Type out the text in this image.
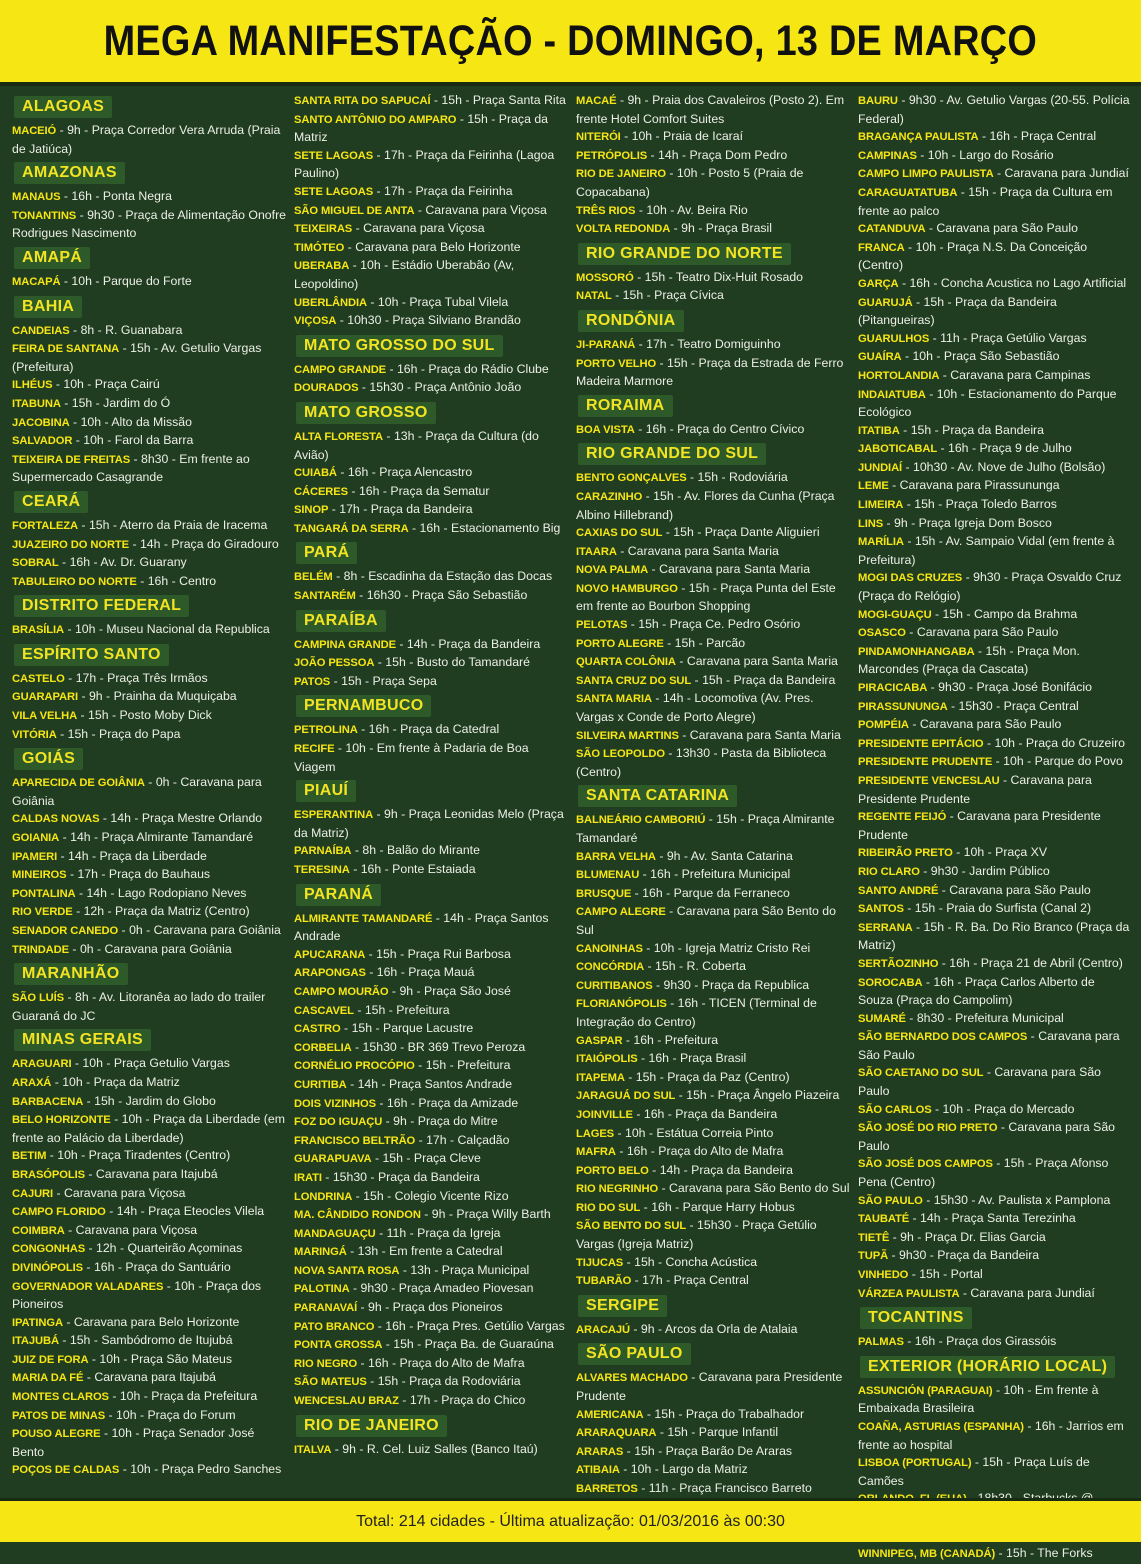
MEGA MANIFESTAÇÃO - DOMINGO, 13 DE MARÇO
ALAGOAS
MACEIÓ - 9h - Praça Corredor Vera Arruda (Praia de Jatiúca)
AMAZONAS
MANAUS - 16h - Ponta Negra
TONANTINS - 9h30 - Praça de Alimentação Onofre Rodrigues Nascimento
AMAPÁ
MACAPÁ - 10h - Parque do Forte
BAHIA
CANDEIAS - 8h - R. Guanabara
FEIRA DE SANTANA - 15h - Av. Getulio Vargas (Prefeitura)
ILHÉUS - 10h - Praça Cairú
ITABUNA - 15h - Jardim do Ó
JACOBINA - 10h - Alto da Missão
SALVADOR - 10h - Farol da Barra
TEIXEIRA DE FREITAS - 8h30 - Em frente ao Supermercado Casagrande
CEARÁ
FORTALEZA - 15h - Aterro da Praia de Iracema
JUAZEIRO DO NORTE - 14h - Praça do Giradouro
SOBRAL - 16h - Av. Dr. Guarany
TABULEIRO DO NORTE - 16h - Centro
DISTRITO FEDERAL
BRASÍLIA - 10h - Museu Nacional da Republica
ESPÍRITO SANTO
CASTELO - 17h - Praça Três Irmãos
GUARAPARI - 9h - Prainha da Muquiçaba
VILA VELHA - 15h - Posto Moby Dick
VITÓRIA - 15h - Praça do Papa
GOIÁS
APARECIDA DE GOIÂNIA - 0h - Caravana para Goiânia
CALDAS NOVAS - 14h - Praça Mestre Orlando
GOIANIA - 14h - Praça Almirante Tamandaré
IPAMERI - 14h - Praça da Liberdade
MINEIROS - 17h - Praça do Bauhaus
PONTALINA - 14h - Lago Rodopiano Neves
RIO VERDE - 12h - Praça da Matriz (Centro)
SENADOR CANEDO - 0h - Caravana para Goiânia
TRINDADE - 0h - Caravana para Goiânia
MARANHÃO
SÃO LUÍS - 8h - Av. Litoranêa ao lado do trailer Guaraná do JC
MINAS GERAIS
ARAGUARI - 10h - Praça Getulio Vargas
ARAXÁ - 10h - Praça da Matriz
BARBACENA - 15h - Jardim do Globo
BELO HORIZONTE - 10h - Praça da Liberdade (em frente ao Palácio da Liberdade)
BETIM - 10h - Praça Tiradentes (Centro)
BRASÓPOLIS - Caravana para Itajubá
CAJURI - Caravana para Viçosa
CAMPO FLORIDO - 14h - Praça Eteocles Vilela
COIMBRA - Caravana para Viçosa
CONGONHAS - 12h - Quarteirão Açominas
DIVINÓPOLIS - 16h - Praça do Santuário
GOVERNADOR VALADARES - 10h - Praça dos Pioneiros
IPATINGA - Caravana para Belo Horizonte
ITAJUBÁ - 15h - Sambódromo de Itujubá
JUIZ DE FORA - 10h - Praça São Mateus
MARIA DA FÉ - Caravana para Itajubá
MONTES CLAROS - 10h - Praça da Prefeitura
PATOS DE MINAS - 10h - Praça do Forum
POUSO ALEGRE - 10h - Praça Senador José Bento
POÇOS DE CALDAS - 10h - Praça Pedro Sanches
SANTA RITA DO SAPUCAÍ - 15h - Praça Santa Rita
SANTO ANTÔNIO DO AMPARO - 15h - Praça da Matriz
SETE LAGOAS - 17h - Praça da Feirinha (Lagoa Paulino)
SETE LAGOAS - 17h - Praça da Feirinha
SÃO MIGUEL DE ANTA - Caravana para Viçosa
TEIXEIRAS - Caravana para Viçosa
TIMÓTEO - Caravana para Belo Horizonte
UBERABA - 10h - Estádio Uberabão (Av, Leopoldino)
UBERLÂNDIA - 10h - Praça Tubal Vilela
VIÇOSA - 10h30 - Praça Silviano Brandão
MATO GROSSO DO SUL
CAMPO GRANDE - 16h - Praça do Rádio Clube
DOURADOS - 15h30 - Praça Antônio João
MATO GROSSO
ALTA FLORESTA - 13h - Praça da Cultura (do Avião)
CUIABÁ - 16h - Praça Alencastro
CÁCERES - 16h - Praça da Sematur
SINOP - 17h - Praça da Bandeira
TANGARÁ DA SERRA - 16h - Estacionamento Big
PARÁ
BELÉM - 8h - Escadinha da Estação das Docas
SANTARÉM - 16h30 - Praça São Sebastião
PARAÍBA
CAMPINA GRANDE - 14h - Praça da Bandeira
JOÃO PESSOA - 15h - Busto do Tamandaré
PATOS - 15h - Praça Sepa
PERNAMBUCO
PETROLINA - 16h - Praça da Catedral
RECIFE - 10h - Em frente à Padaria de Boa Viagem
PIAUÍ
ESPERANTINA - 9h - Praça Leonidas Melo (Praça da Matriz)
PARNAÍBA - 8h - Balão do Mirante
TERESINA - 16h - Ponte Estaiada
PARANÁ
ALMIRANTE TAMANDARÉ - 14h - Praça Santos Andrade
APUCARANA - 15h - Praça Rui Barbosa
ARAPONGAS - 16h - Praça Mauá
CAMPO MOURÃO - 9h - Praça São José
CASCAVEL - 15h - Prefeitura
CASTRO - 15h - Parque Lacustre
CORBELIA - 15h30 - BR 369 Trevo Peroza
CORNÉLIO PROCÓPIO - 15h - Prefeitura
CURITIBA - 14h - Praça Santos Andrade
DOIS VIZINHOS - 16h - Praça da Amizade
FOZ DO IGUAÇU - 9h - Praça do Mitre
FRANCISCO BELTRÃO - 17h - Calçadão
GUARAPUAVA - 15h - Praça Cleve
IRATI - 15h30 - Praça da Bandeira
LONDRINA - 15h - Colegio Vicente Rizo
MA. CÂNDIDO RONDON - 9h - Praça Willy Barth
MANDAGUAÇU - 11h - Praça da Igreja
MARINGÁ - 13h - Em frente a Catedral
NOVA SANTA ROSA - 13h - Praça Municipal
PALOTINA - 9h30 - Praça Amadeo Piovesan
PARANAVAÍ - 9h - Praça dos Pioneiros
PATO BRANCO - 16h - Praça Pres. Getúlio Vargas
PONTA GROSSA - 15h - Praça Ba. de Guaraúna
RIO NEGRO - 16h - Praça do Alto de Mafra
SÃO MATEUS - 15h - Praça da Rodoviária
WENCESLAU BRAZ - 17h - Praça do Chico
RIO DE JANEIRO
ITALVA - 9h - R. Cel. Luiz Salles (Banco Itaú)
MACAÉ - 9h - Praia dos Cavaleiros (Posto 2). Em frente Hotel Comfort Suites
NITERÓI - 10h - Praia de Icaraí
PETRÓPOLIS - 14h - Praça Dom Pedro
RIO DE JANEIRO - 10h - Posto 5 (Praia de Copacabana)
TRÊS RIOS - 10h - Av. Beira Rio
VOLTA REDONDA - 9h - Praça Brasil
RIO GRANDE DO NORTE
MOSSORÓ - 15h - Teatro Dix-Huit Rosado
NATAL - 15h - Praça Cívica
RONDÔNIA
JI-PARANÁ - 17h - Teatro Domiguinho
PORTO VELHO - 15h - Praça da Estrada de Ferro Madeira Marmore
RORAIMA
BOA VISTA - 16h - Praça do Centro Cívico
RIO GRANDE DO SUL
BENTO GONÇALVES - 15h - Rodoviária
CARAZINHO - 15h - Av. Flores da Cunha (Praça Albino Hillebrand)
CAXIAS DO SUL - 15h - Praça Dante Aliguieri
ITAARA - Caravana para Santa Maria
NOVA PALMA - Caravana para Santa Maria
NOVO HAMBURGO - 15h - Praça Punta del Este em frente ao Bourbon Shopping
PELOTAS - 15h - Praça Ce. Pedro Osório
PORTO ALEGRE - 15h - Parcão
QUARTA COLÔNIA - Caravana para Santa Maria
SANTA CRUZ DO SUL - 15h - Praça da Bandeira
SANTA MARIA - 14h - Locomotiva (Av. Pres. Vargas x Conde de Porto Alegre)
SILVEIRA MARTINS - Caravana para Santa Maria
SÃO LEOPOLDO - 13h30 - Pasta da Biblioteca (Centro)
SANTA CATARINA
BALNEÁRIO CAMBORIÚ - 15h - Praça Almirante Tamandaré
BARRA VELHA - 9h - Av. Santa Catarina
BLUMENAU - 16h - Prefeitura Municipal
BRUSQUE - 16h - Parque da Ferraneco
CAMPO ALEGRE - Caravana para São Bento do Sul
CANOINHAS - 10h - Igreja Matriz Cristo Rei
CONCÓRDIA - 15h - R. Coberta
CURITIBANOS - 9h30 - Praça da Republica
FLORIANÓPOLIS - 16h - TICEN (Terminal de Integração do Centro)
GASPAR - 16h - Prefeitura
ITAIÓPOLIS - 16h - Praça Brasil
ITAPEMA - 15h - Praça da Paz (Centro)
JARAGUÁ DO SUL - 15h - Praça Ângelo Piazeira
JOINVILLE - 16h - Praça da Bandeira
LAGES - 10h - Estátua Correia Pinto
MAFRA - 16h - Praça do Alto de Mafra
PORTO BELO - 14h - Praça da Bandeira
RIO NEGRINHO - Caravana para São Bento do Sul
RIO DO SUL - 16h - Parque Harry Hobus
SÃO BENTO DO SUL - 15h30 - Praça Getúlio Vargas (Igreja Matriz)
TIJUCAS - 15h - Concha Acústica
TUBARÃO - 17h - Praça Central
SERGIPE
ARACAJÚ - 9h - Arcos da Orla de Atalaia
SÃO PAULO
ALVARES MACHADO - Caravana para Presidente Prudente
AMERICANA - 15h - Praça do Trabalhador
ARARAQUARA - 15h - Parque Infantil
ARARAS - 15h - Praça Barão De Araras
ATIBAIA - 10h - Largo da Matriz
BARRETOS - 11h - Praça Francisco Barreto
BAURU - 9h30 - Av. Getulio Vargas (20-55. Polícia Federal)
BRAGANÇA PAULISTA - 16h - Praça Central
CAMPINAS - 10h - Largo do Rosário
CAMPO LIMPO PAULISTA - Caravana para Jundiaí
CARAGUATATUBA - 15h - Praça da Cultura em frente ao palco
CATANDUVA - Caravana para São Paulo
FRANCA - 10h - Praça N.S. Da Conceição (Centro)
GARÇA - 16h - Concha Acustica no Lago Artificial
GUARUJÁ - 15h - Praça da Bandeira (Pitangueiras)
GUARULHOS - 11h - Praça Getúlio Vargas
GUAÍRA - 10h - Praça São Sebastião
HORTOLANDIA - Caravana para Campinas
INDAIATUBA - 10h - Estacionamento do Parque Ecológico
ITATIBA - 15h - Praça da Bandeira
JABOTICABAL - 16h - Praça 9 de Julho
JUNDIAÍ - 10h30 - Av. Nove de Julho (Bolsão)
LEME - Caravana para Pirassununga
LIMEIRA - 15h - Praça Toledo Barros
LINS - 9h - Praça Igreja Dom Bosco
MARÍLIA - 15h - Av. Sampaio Vidal (em frente à Prefeitura)
MOGI DAS CRUZES - 9h30 - Praça Osvaldo Cruz (Praça do Relógio)
MOGI-GUAÇU - 15h - Campo da Brahma
OSASCO - Caravana para São Paulo
PINDAMONHANGABA - 15h - Praça Mon. Marcondes (Praça da Cascata)
PIRACICABA - 9h30 - Praça José Bonifácio
PIRASSUNUNGA - 15h30 - Praça Central
POMPÉIA - Caravana para São Paulo
PRESIDENTE EPITÁCIO - 10h - Praça do Cruzeiro
PRESIDENTE PRUDENTE - 10h - Parque do Povo
PRESIDENTE VENCESLAU - Caravana para Presidente Prudente
REGENTE FEIJÓ - Caravana para Presidente Prudente
RIBEIRÃO PRETO - 10h - Praça XV
RIO CLARO - 9h30 - Jardim Público
SANTO ANDRÉ - Caravana para São Paulo
SANTOS - 15h - Praia do Surfista (Canal 2)
SERRANA - 15h - R. Ba. Do Rio Branco (Praça da Matriz)
SERTÃOZINHO - 16h - Praça 21 de Abril (Centro)
SOROCABA - 16h - Praça Carlos Alberto de Souza (Praça do Campolim)
SUMARÉ - 8h30 - Prefeitura Municipal
SÃO BERNARDO DOS CAMPOS - Caravana para São Paulo
SÃO CAETANO DO SUL - Caravana para São Paulo
SÃO CARLOS - 10h - Praça do Mercado
SÃO JOSÉ DO RIO PRETO - Caravana para São Paulo
SÃO JOSÉ DOS CAMPOS - 15h - Praça Afonso Pena (Centro)
SÃO PAULO - 15h30 - Av. Paulista x Pamplona
TAUBATÉ - 14h - Praça Santa Terezinha
TIETÊ - 9h - Praça Dr. Elias Garcia
TUPÃ - 9h30 - Praça da Bandeira
VINHEDO - 15h - Portal
VÁRZEA PAULISTA - Caravana para Jundiaí
TOCANTINS
PALMAS - 16h - Praça dos Girassóis
EXTERIOR (HORÁRIO LOCAL)
ASSUNCIÓN (PARAGUAI) - 10h - Em frente à Embaixada Brasileira
COAÑA, ASTURIAS (ESPANHA) - 16h - Jarrios em frente ao hospital
LISBOA (PORTUGAL) - 15h - Praça Luís de Camões
WINNIPEG, MB (CANADÁ) - 15h - The Forks
Total: 214 cidades - Última atualização: 01/03/2016 às 00:30
